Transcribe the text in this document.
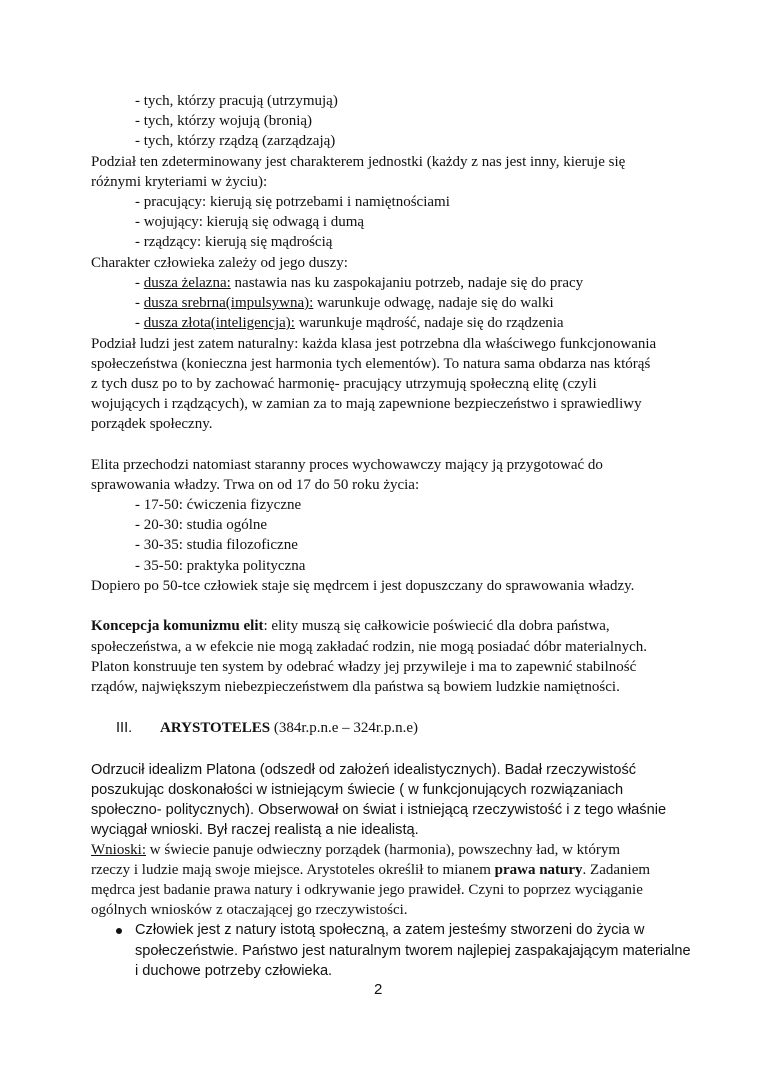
- tych, którzy pracują (utrzymują)
- tych, którzy wojują (bronią)
- tych, którzy rządzą (zarządzają)
Podział ten zdeterminowany jest charakterem jednostki (każdy z nas jest inny, kieruje się
różnymi kryteriami w życiu):
- pracujący: kierują się potrzebami i namiętnościami
- wojujący: kierują się odwagą i dumą
- rządzący: kierują się mądrością
Charakter człowieka zależy od jego duszy:
- dusza żelazna: nastawia nas ku zaspokajaniu potrzeb, nadaje się do pracy
- dusza srebrna(impulsywna): warunkuje odwagę, nadaje się do walki
- dusza złota(inteligencja): warunkuje mądrość, nadaje się do rządzenia
Podział ludzi jest zatem naturalny: każda klasa jest potrzebna dla właściwego funkcjonowania
społeczeństwa (konieczna jest harmonia tych elementów). To natura sama obdarza nas którąś
z tych dusz po to by zachować harmonię- pracujący utrzymują społeczną elitę (czyli
wojujących i rządzących), w zamian za to mają zapewnione bezpieczeństwo i sprawiedliwy
porządek społeczny.
Elita przechodzi natomiast staranny proces wychowawczy mający ją przygotować do
sprawowania władzy. Trwa on od 17 do 50 roku życia:
- 17-50: ćwiczenia fizyczne
- 20-30: studia ogólne
- 30-35: studia filozoficzne
- 35-50: praktyka polityczna
Dopiero po 50-tce człowiek staje się mędrcem i jest dopuszczany do sprawowania władzy.
Koncepcja komunizmu elit: elity muszą się całkowicie poświecić dla dobra państwa,
społeczeństwa, a w efekcie nie mogą zakładać rodzin, nie mogą posiadać dóbr materialnych.
Platon konstruuje ten system by odebrać władzy jej przywileje i ma to zapewnić stabilność
rządów, największym niebezpieczeństwem dla państwa są bowiem ludzkie namiętności.
III. ARYSTOTELES (384r.p.n.e – 324r.p.n.e)
Odrzucił idealizm Platona (odszedł od założeń idealistycznych). Badał rzeczywistość
poszukując doskonałości w istniejącym świecie ( w funkcjonujących rozwiązaniach
społeczno- politycznych). Obserwował on świat i istniejącą rzeczywistość i z tego właśnie
wyciągał wnioski. Był raczej realistą a nie idealistą.
Wnioski: w świecie panuje odwieczny porządek (harmonia), powszechny ład, w którym
rzeczy i ludzie mają swoje miejsce. Arystoteles określił to mianem prawa natury. Zadaniem
mędrca jest badanie prawa natury i odkrywanie jego prawideł. Czyni to poprzez wyciąganie
ogólnych wniosków z otaczającej go rzeczywistości.
Człowiek jest z natury istotą społeczną, a zatem jesteśmy stworzeni do życia w
społeczeństwie. Państwo jest naturalnym tworem najlepiej zaspakajającym materialne
i duchowe potrzeby człowieka.
2
